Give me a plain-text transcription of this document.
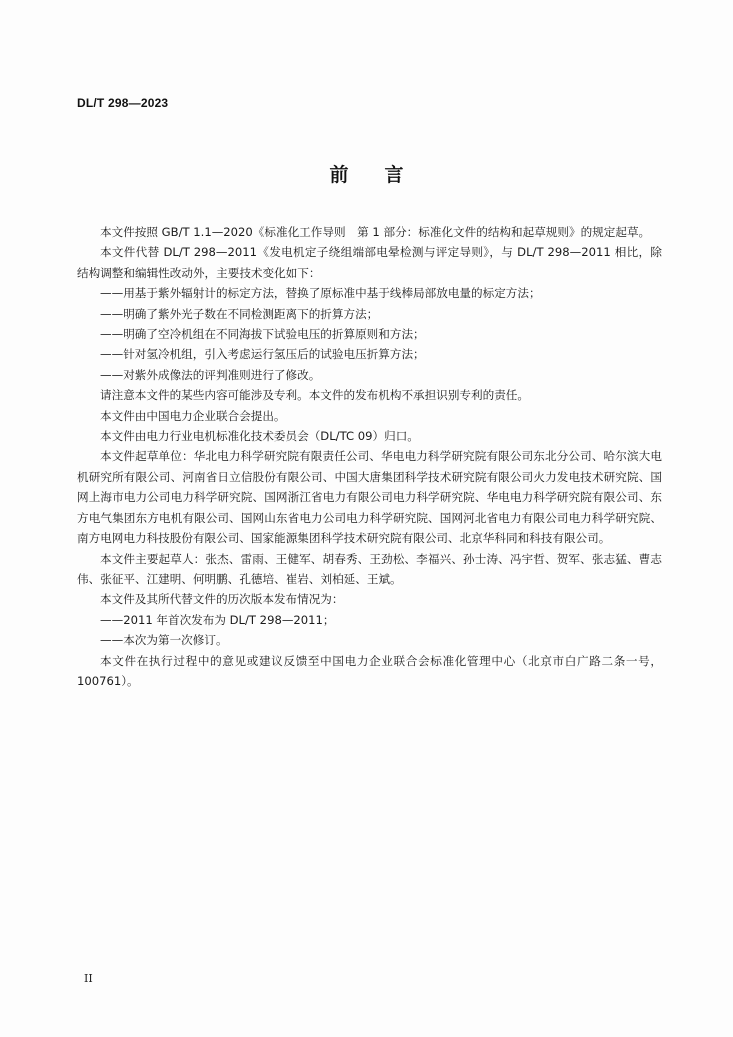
DL/T 298—2023
前 言

本文件按照 GB/T 1.1—2020《标准化工作导则　第 1 部分：标准化文件的结构和起草规则》的规定起草。

本文件代替 DL/T 298—2011《发电机定子绕组端部电晕检测与评定导则》，与 DL/T 298—2011 相比，除结构调整和编辑性改动外，主要技术变化如下：

——用基于紫外辐射计的标定方法，替换了原标准中基于线棒局部放电量的标定方法；

——明确了紫外光子数在不同检测距离下的折算方法；

——明确了空冷机组在不同海拔下试验电压的折算原则和方法；

——针对氢冷机组，引入考虑运行氢压后的试验电压折算方法；

——对紫外成像法的评判准则进行了修改。

请注意本文件的某些内容可能涉及专利。本文件的发布机构不承担识别专利的责任。

本文件由中国电力企业联合会提出。

本文件由电力行业电机标准化技术委员会（DL/TC 09）归口。

本文件起草单位：华北电力科学研究院有限责任公司、华电电力科学研究院有限公司东北分公司、哈尔滨大电机研究所有限公司、河南省日立信股份有限公司、中国大唐集团科学技术研究院有限公司火力发电技术研究院、国网上海市电力公司电力科学研究院、国网浙江省电力有限公司电力科学研究院、华电电力科学研究院有限公司、东方电气集团东方电机有限公司、国网山东省电力公司电力科学研究院、国网河北省电力有限公司电力科学研究院、南方电网电力科技股份有限公司、国家能源集团科学技术研究院有限公司、北京华科同和科技有限公司。

本文件主要起草人：张杰、雷雨、王健军、胡春秀、王劲松、李福兴、孙士涛、冯宇哲、贺军、张志猛、曹志伟、张征平、江建明、何明鹏、孔德培、崔岩、刘柏延、王斌。

本文件及其所代替文件的历次版本发布情况为：

——2011 年首次发布为 DL/T 298—2011；

——本次为第一次修订。

本文件在执行过程中的意见或建议反馈至中国电力企业联合会标准化管理中心（北京市白广路二条一号，100761）。

II
